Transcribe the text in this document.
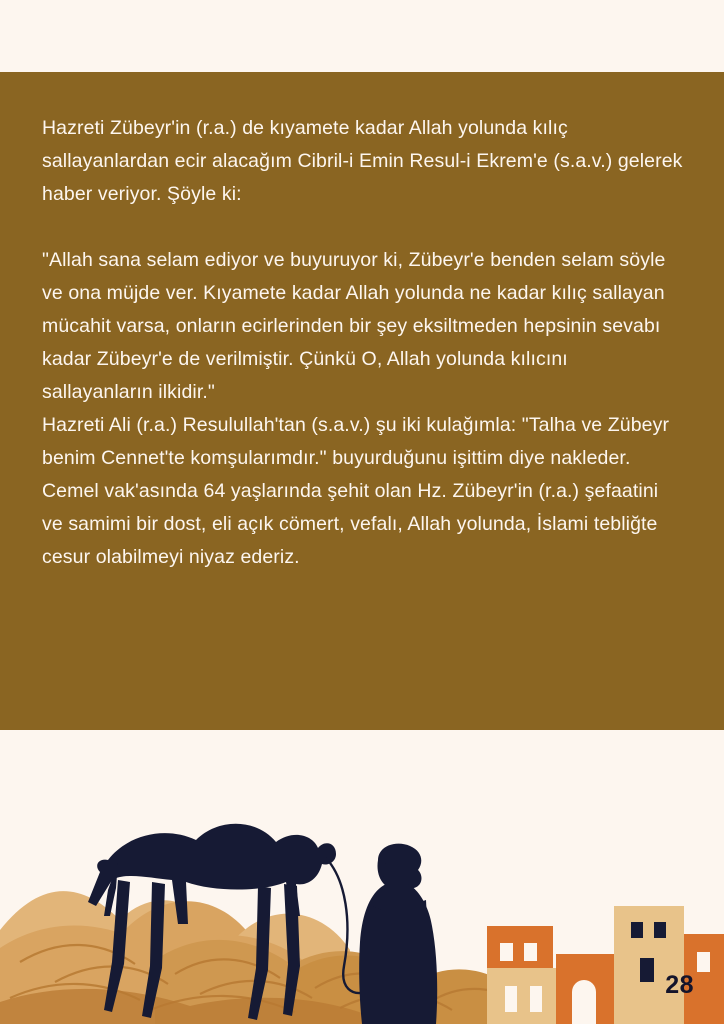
Hazreti Zübeyr'in (r.a.) de kıyamete kadar Allah yolunda kılıç sallayanlardan ecir alacağım Cibril-i Emin Resul-i Ekrem'e (s.a.v.) gelerek haber veriyor. Şöyle ki:

"Allah sana selam ediyor ve buyuruyor ki, Zübeyr'e benden selam söyle ve ona müjde ver. Kıyamete kadar Allah yolunda ne kadar kılıç sallayan mücahit varsa, onların ecirlerinden bir şey eksiltmeden hepsinin sevabı kadar Zübeyr'e de verilmiştir. Çünkü O, Allah yolunda kılıcını sallayanların ilkidir."

Hazreti Ali (r.a.) Resulullah'tan (s.a.v.) şu iki kulağımla: "Talha ve Zübeyr benim Cennet'te komşularımdır." buyurduğunu işittim diye nakleder.

Cemel vak'asında 64 yaşlarında şehit olan Hz. Zübeyr'in (r.a.) şefaatini ve samimi bir dost, eli açık cömert, vefalı, Allah yolunda, İslami tebliğte cesur olabilmeyi niyaz ederiz.

28
